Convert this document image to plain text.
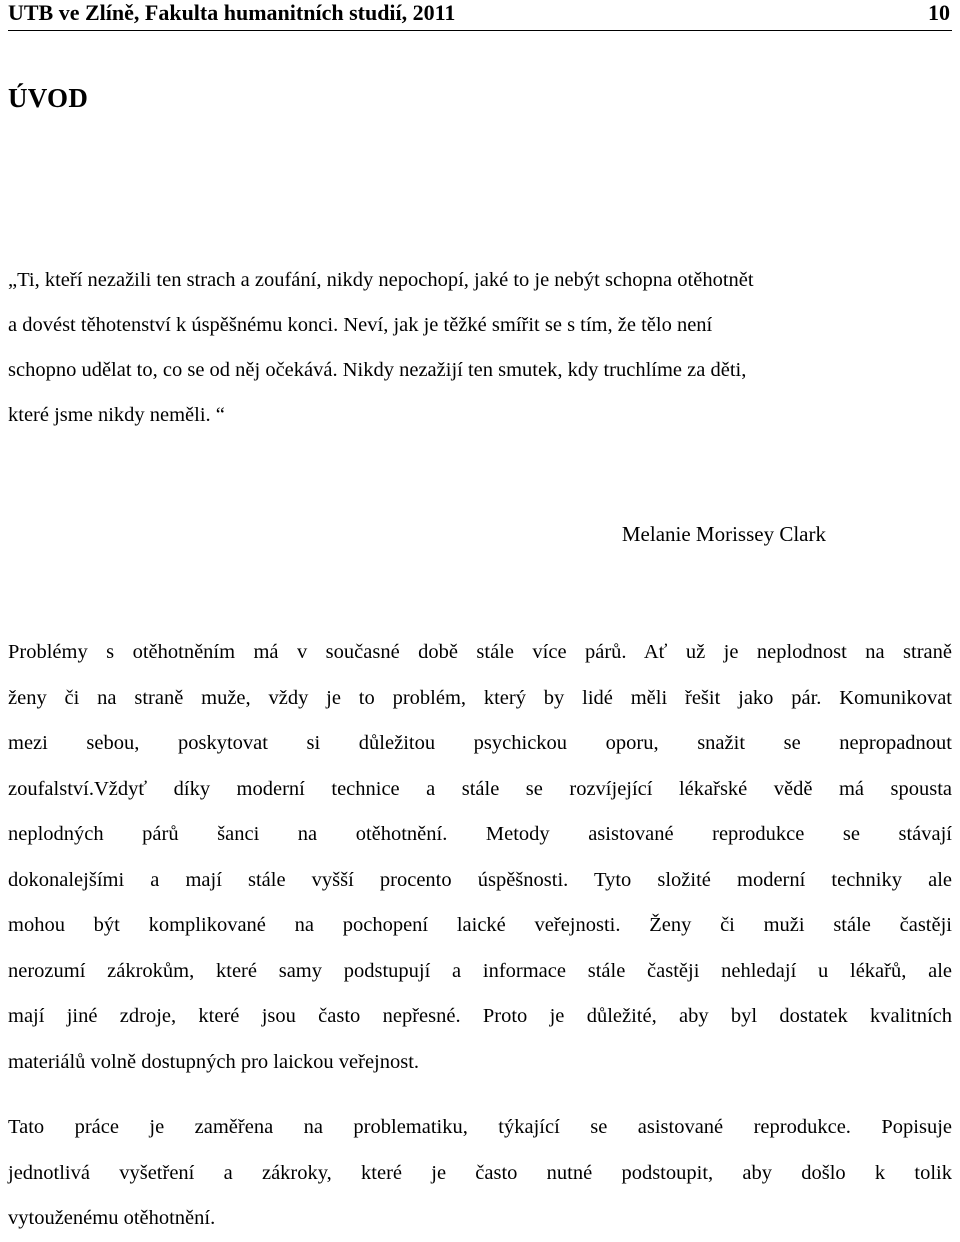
UTB ve Zlíně, Fakulta humanitních studií, 2011	10
ÚVOD
„Ti, kteří nezažili ten strach a zoufání, nikdy nepochopí, jaké to je nebýt schopna otěhotnět
a dovést těhotenství k úspěšnému konci. Neví, jak je těžké smířit se s tím, že tělo není
schopno udělat to, co se od něj očekává. Nikdy nezažijí ten smutek, kdy truchlíme za děti,
které jsme nikdy neměli. “
Melanie Morissey Clark

Problémy s otěhotněním má v současné době stále více párů. Ať už je neplodnost na straně
ženy či na straně muže, vždy je to problém, který by lidé měli řešit jako pár. Komunikovat
mezi sebou, poskytovat si důležitou psychickou oporu, snažit se nepropadnout
zoufalství.Vždyť díky moderní technice a stále se rozvíjející lékařské vědě má spousta
neplodných párů šanci na otěhotnění. Metody asistované reprodukce se stávají
dokonalejšími a mají stále vyšší procento úspěšnosti. Tyto složité moderní techniky ale
mohou být komplikované na pochopení laické veřejnosti. Ženy či muži stále častěji
nerozumí zákrokům, které samy podstupují a informace stále častěji nehledají u lékařů, ale
mají jiné zdroje, které jsou často nepřesné. Proto je důležité, aby byl dostatek kvalitních
materiálů volně dostupných pro laickou veřejnost.

Tato práce je zaměřena na problematiku, týkající se asistované reprodukce. Popisuje
jednotlivá vyšetření a zákroky, které je často nutné podstoupit, aby došlo k tolik
vytouženému otěhotnění.
